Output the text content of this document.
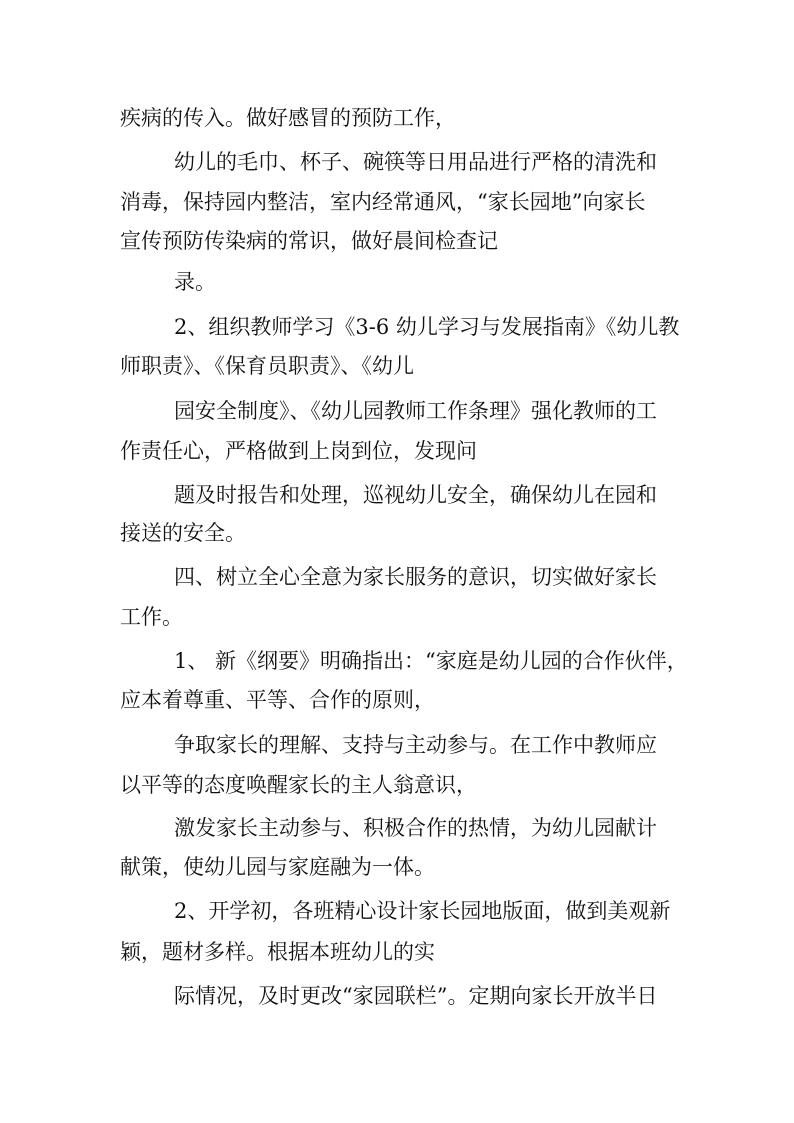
疾病的传入。做好感冒的预防工作，
幼儿的毛巾、杯子、碗筷等日用品进行严格的清洗和
消毒，保持园内整洁，室内经常通风，“家长园地”向家长
宣传预防传染病的常识，做好晨间检查记
录。
2、组织教师学习《3-6 幼儿学习与发展指南》《幼儿教
师职责》、《保育员职责》、《幼儿
园安全制度》、《幼儿园教师工作条理》强化教师的工
作责任心，严格做到上岗到位，发现问
题及时报告和处理，巡视幼儿安全，确保幼儿在园和
接送的安全。
四、树立全心全意为家长服务的意识，切实做好家长
工作。
1、 新《纲要》明确指出：“家庭是幼儿园的合作伙伴，
应本着尊重、平等、合作的原则，
争取家长的理解、支持与主动参与。在工作中教师应
以平等的态度唤醒家长的主人翁意识，
激发家长主动参与、积极合作的热情，为幼儿园献计
献策，使幼儿园与家庭融为一体。
2、开学初，各班精心设计家长园地版面，做到美观新
颖，题材多样。根据本班幼儿的实
际情况，及时更改“家园联栏”。定期向家长开放半日
